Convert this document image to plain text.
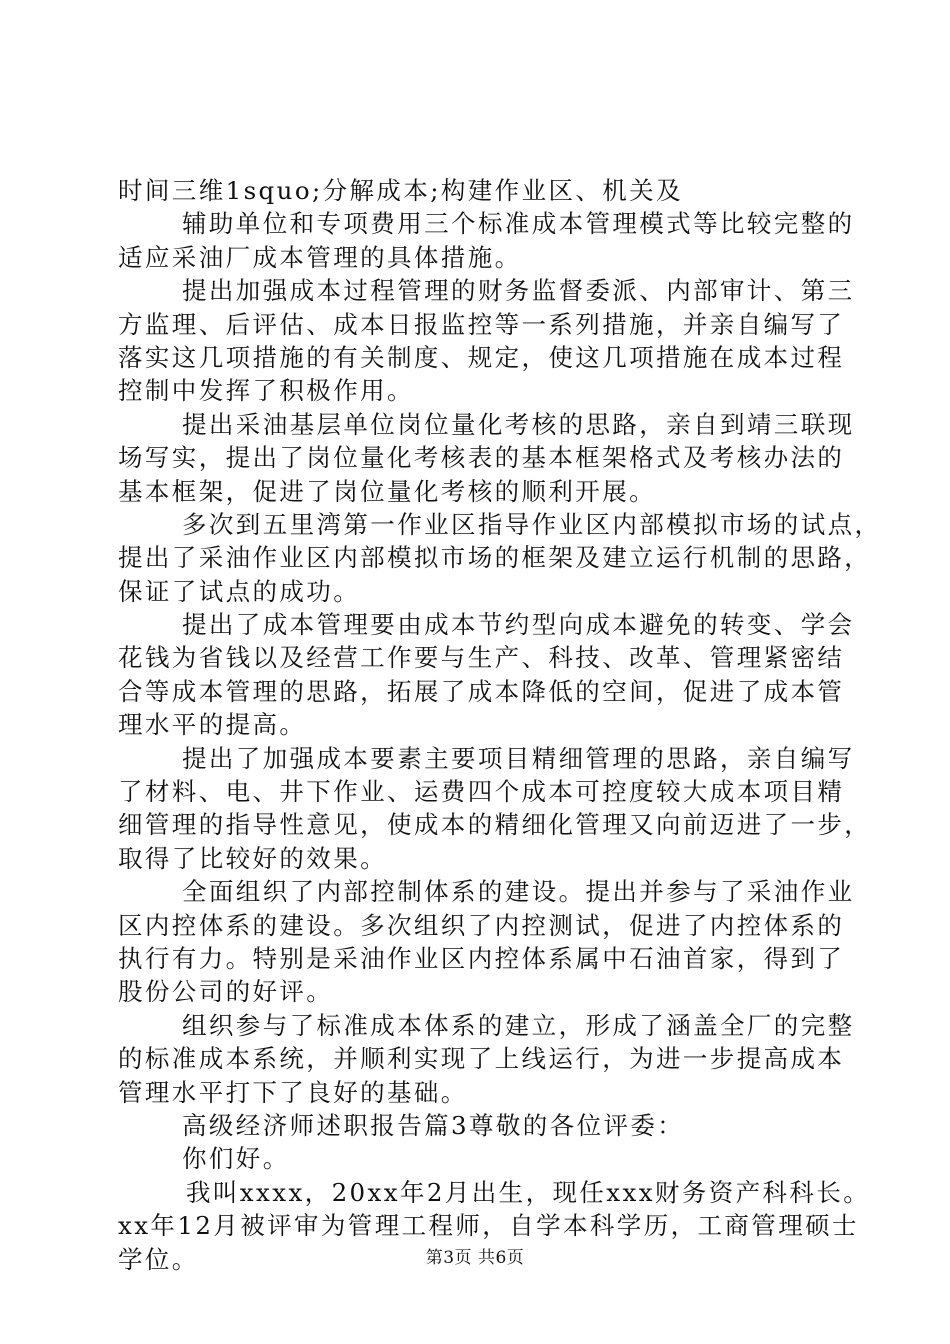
时间三维1squo;分解成本;构建作业区、机关及
辅助单位和专项费用三个标准成本管理模式等比较完整的
适应采油厂成本管理的具体措施。
提出加强成本过程管理的财务监督委派、内部审计、第三
方监理、后评估、成本日报监控等一系列措施，并亲自编写了
落实这几项措施的有关制度、规定，使这几项措施在成本过程
控制中发挥了积极作用。
提出采油基层单位岗位量化考核的思路，亲自到靖三联现
场写实，提出了岗位量化考核表的基本框架格式及考核办法的
基本框架，促进了岗位量化考核的顺利开展。
多次到五里湾第一作业区指导作业区内部模拟市场的试点，
提出了采油作业区内部模拟市场的框架及建立运行机制的思路，
保证了试点的成功。
提出了成本管理要由成本节约型向成本避免的转变、学会
花钱为省钱以及经营工作要与生产、科技、改革、管理紧密结
合等成本管理的思路，拓展了成本降低的空间，促进了成本管
理水平的提高。
提出了加强成本要素主要项目精细管理的思路，亲自编写
了材料、电、井下作业、运费四个成本可控度较大成本项目精
细管理的指导性意见，使成本的精细化管理又向前迈进了一步，
取得了比较好的效果。
全面组织了内部控制体系的建设。提出并参与了采油作业
区内控体系的建设。多次组织了内控测试，促进了内控体系的
执行有力。特别是采油作业区内控体系属中石油首家，得到了
股份公司的好评。
组织参与了标准成本体系的建立，形成了涵盖全厂的完整
的标准成本系统，并顺利实现了上线运行，为进一步提高成本
管理水平打下了良好的基础。
高级经济师述职报告篇3尊敬的各位评委：
你们好。
我叫xxxx，20xx年2月出生，现任xxx财务资产科科长。
xx年12月被评审为管理工程师，自学本科学历，工商管理硕士
学位。	第3页 共6页
